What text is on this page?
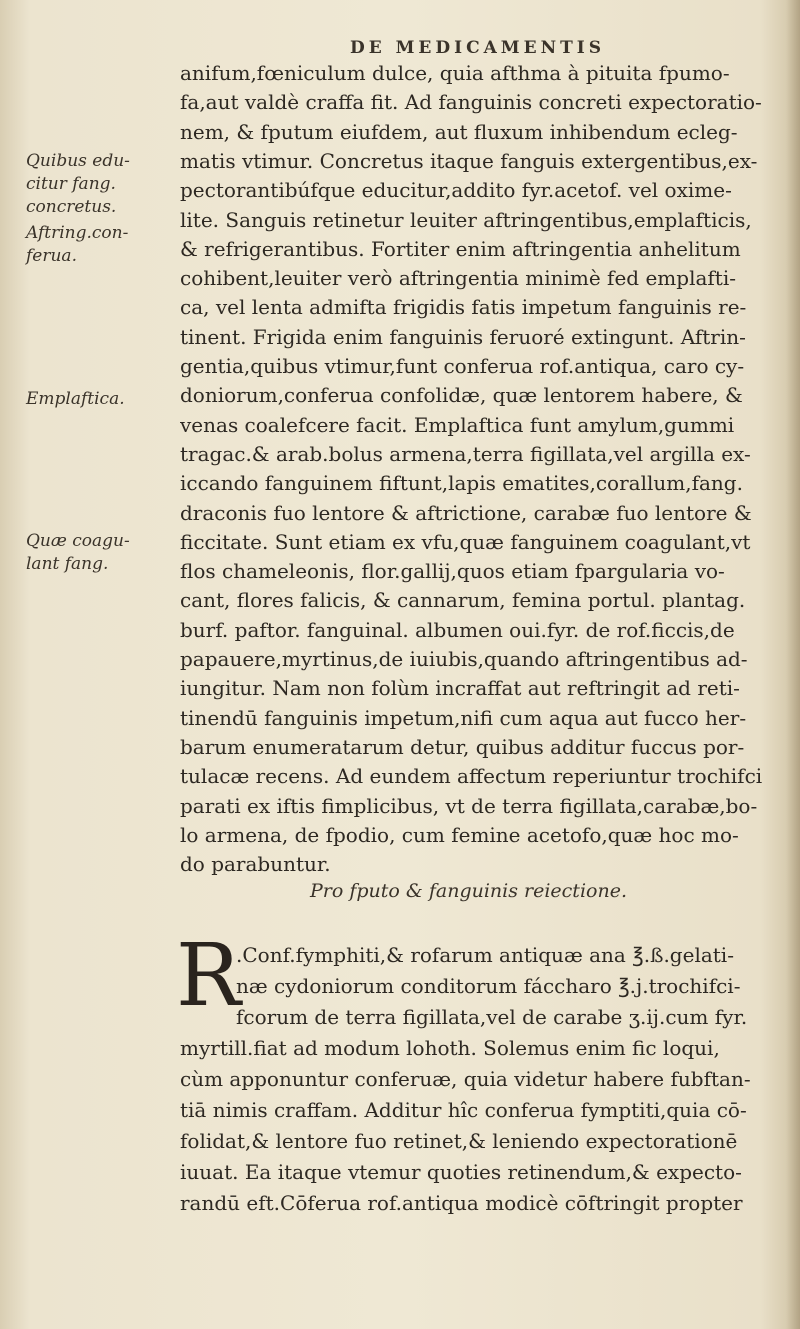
DE MEDICAMENTIS
Quibus edu-
citur fang.
concretus.
Aftring.con-
ferua.
Emplaftica.
Quæ coagu-
lant fang.
anifum,fœniculum dulce, quia afthma à pituita fpumo-
fa,aut valdè craffa fit. Ad fanguinis concreti expectoratio-
nem, & fputum eiufdem, aut fluxum inhibendum ecleg-
matis vtimur. Concretus itaque fanguis extergentibus,ex-
pectorantibúfque educitur,addito fyr.acetof. vel oxime-
lite. Sanguis retinetur leuiter aftringentibus,emplafticis,
& refrigerantibus. Fortiter enim aftringentia anhelitum
cohibent,leuiter verò aftringentia minimè fed emplafti-
ca, vel lenta admifta frigidis fatis impetum fanguinis re-
tinent. Frigida enim fanguinis feruoré extingunt. Aftrin-
gentia,quibus vtimur,funt conferua rof.antiqua, caro cy-
doniorum,conferua confolidæ, quæ lentorem habere, &
venas coalefcere facit. Emplaftica funt amylum,gummi
tragac.& arab.bolus armena,terra figillata,vel argilla ex-
iccando fanguinem fiftunt,lapis ematites,corallum,fang.
draconis fuo lentore & aftrictione, carabæ fuo lentore &
ficcitate. Sunt etiam ex vfu,quæ fanguinem coagulant,vt
flos chameleonis, flor.gallij,quos etiam fpargularia vo-
cant, flores falicis, & cannarum, femina portul. plantag.
burf. paftor. fanguinal. albumen oui.fyr. de rof.ficcis,de
papauere,myrtinus,de iuiubis,quando aftringentibus ad-
iungitur. Nam non folùm incraffat aut reftringit ad reti-
tinendū fanguinis impetum,nifi cum aqua aut fucco her-
barum enumeratarum detur, quibus additur fuccus por-
tulacæ recens. Ad eundem affectum reperiuntur trochifci
parati ex iftis fimplicibus, vt de terra figillata,carabæ,bo-
lo armena, de fpodio, cum femine acetofo,quæ hoc mo-
do parabuntur.
Pro fputo & fanguinis reiectione.
R
.Conf.fymphiti,& rofarum antiquæ ana ℥.ß.gelati-
næ cydoniorum conditorum fáccharo ℥.j.trochifci-
fcorum de terra figillata,vel de carabe ʒ.ij.cum fyr.
myrtill.fiat ad modum lohoth. Solemus enim fic loqui,
cùm apponuntur conferuæ, quia videtur habere fubftan-
tiā nimis craffam. Additur hîc conferua fymptiti,quia cō-
folidat,& lentore fuo retinet,& leniendo expectorationē
iuuat. Ea itaque vtemur quoties retinendum,& expecto-
randū eft.Cōferua rof.antiqua modicè cōftringit propter
